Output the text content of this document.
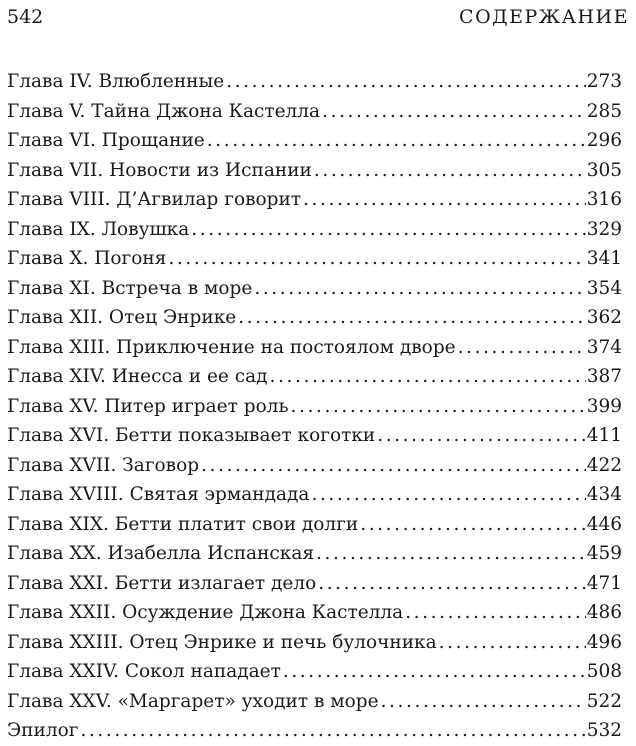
542	СОДЕРЖАНИЕ
Глава IV. Влюбленные .....	273
Глава V. Тайна Джона Кастелла .....	285
Глава VI. Прощание .....	296
Глава VII. Новости из Испании .....	305
Глава VIII. Д’Агвилар говорит .....	316
Глава IX. Ловушка .....	329
Глава X. Погоня .....	341
Глава XI. Встреча в море .....	354
Глава XII. Отец Энрике .....	362
Глава XIII. Приключение на постоялом дворе .....	374
Глава XIV. Инесса и ее сад .....	387
Глава XV. Питер играет роль .....	399
Глава XVI. Бетти показывает коготки .....	411
Глава XVII. Заговор .....	422
Глава XVIII. Святая эрмандада .....	434
Глава XIX. Бетти платит свои долги .....	446
Глава XX. Изабелла Испанская .....	459
Глава XXI. Бетти излагает дело .....	471
Глава XXII. Осуждение Джона Кастелла .....	486
Глава XXIII. Отец Энрике и печь булочника .....	496
Глава XXIV. Сокол нападает .....	508
Глава XXV. «Маргарет» уходит в море .....	522
Эпилог .....	532
